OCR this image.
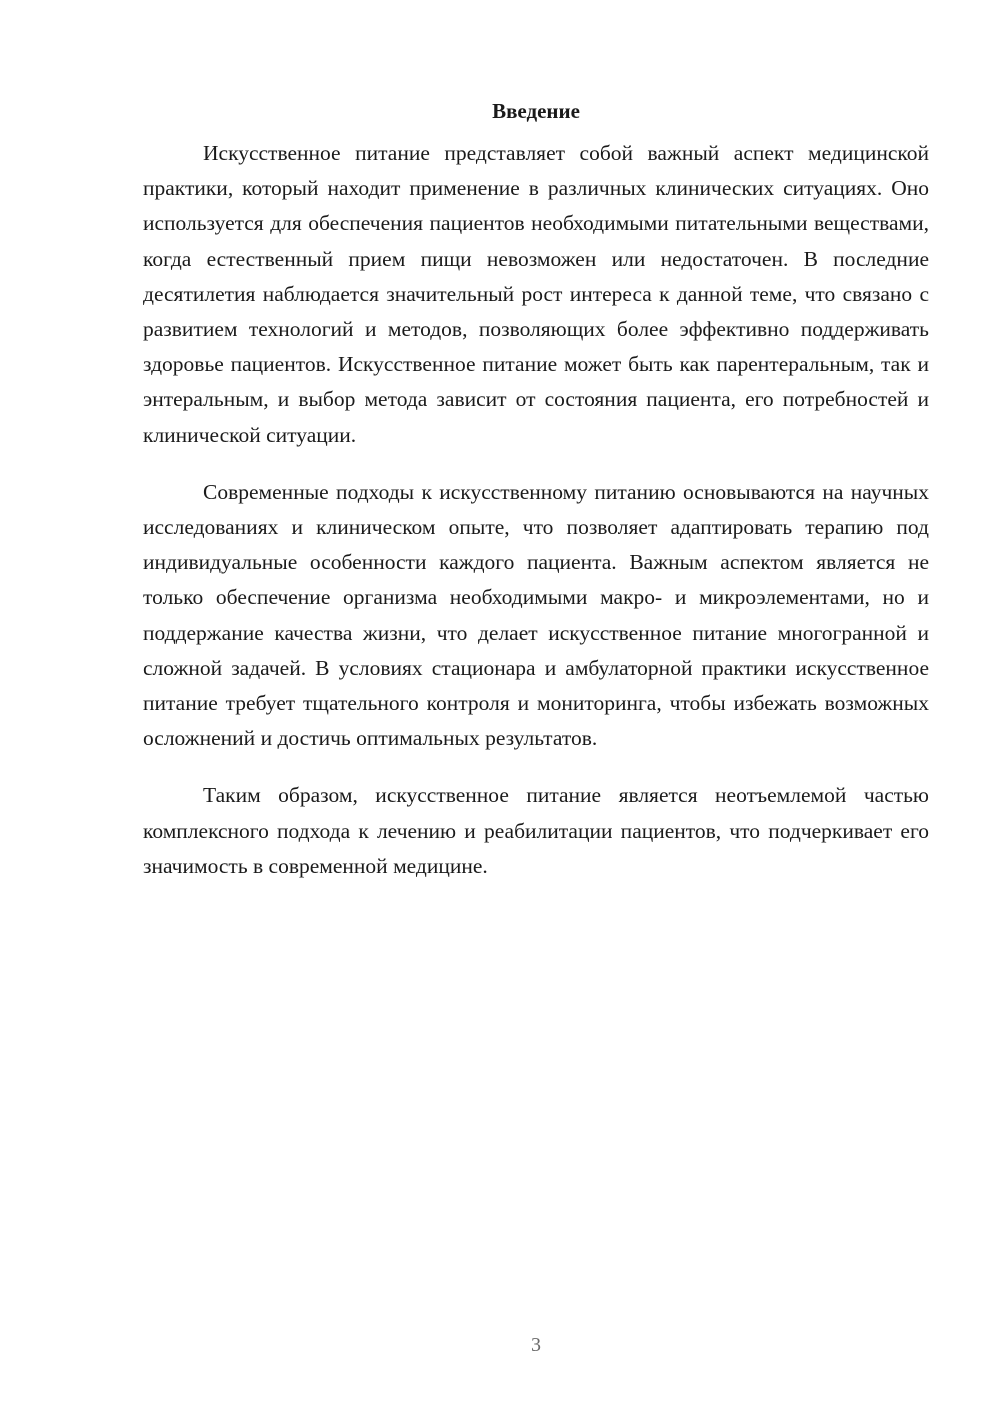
Введение

Искусственное питание представляет собой важный аспект медицинской практики, который находит применение в различных клинических ситуациях. Оно используется для обеспечения пациентов необходимыми питательными веществами, когда естественный прием пищи невозможен или недостаточен. В последние десятилетия наблюдается значительный рост интереса к данной теме, что связано с развитием технологий и методов, позволяющих более эффективно поддерживать здоровье пациентов. Искусственное питание может быть как парентеральным, так и энтеральным, и выбор метода зависит от состояния пациента, его потребностей и клинической ситуации.

Современные подходы к искусственному питанию основываются на научных исследованиях и клиническом опыте, что позволяет адаптировать терапию под индивидуальные особенности каждого пациента. Важным аспектом является не только обеспечение организма необходимыми макро- и микроэлементами, но и поддержание качества жизни, что делает искусственное питание многогранной и сложной задачей. В условиях стационара и амбулаторной практики искусственное питание требует тщательного контроля и мониторинга, чтобы избежать возможных осложнений и достичь оптимальных результатов.

Таким образом, искусственное питание является неотъемлемой частью комплексного подхода к лечению и реабилитации пациентов, что подчеркивает его значимость в современной медицине.

3
